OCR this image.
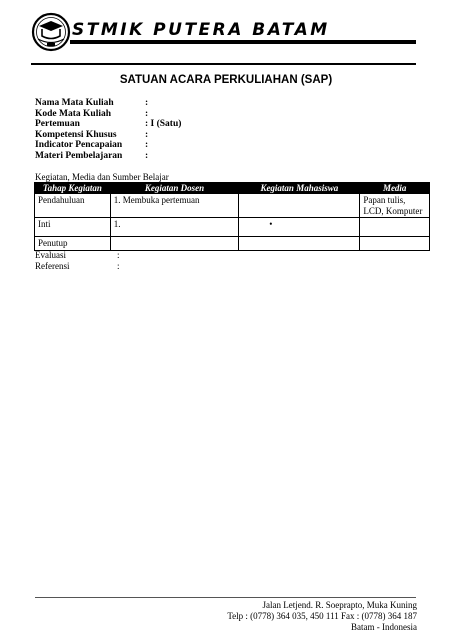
STMIK PUTERA BATAM
SATUAN ACARA PERKULIAHAN (SAP)
Nama Mata Kuliah	:
Kode Mata Kuliah	:
Pertemuan	: I (Satu)
Kompetensi Khusus	:
Indicator Pencapaian :
Materi Pembelajaran :
Kegiatan, Media dan Sumber Belajar
Tahap Kegiatan	Kegiatan Dosen	Kegiatan Mahasiswa	Media
Pendahuluan	1. Membuka pertemuan		Papan tulis,
LCD, Komputer

Inti	1.	•	

Penutup			
Evaluasi	:
Referensi	:
Jalan Letjend. R. Soeprapto, Muka Kuning
Telp : (0778) 364 035, 450 111 Fax : (0778) 364 187
Batam - Indonesia
